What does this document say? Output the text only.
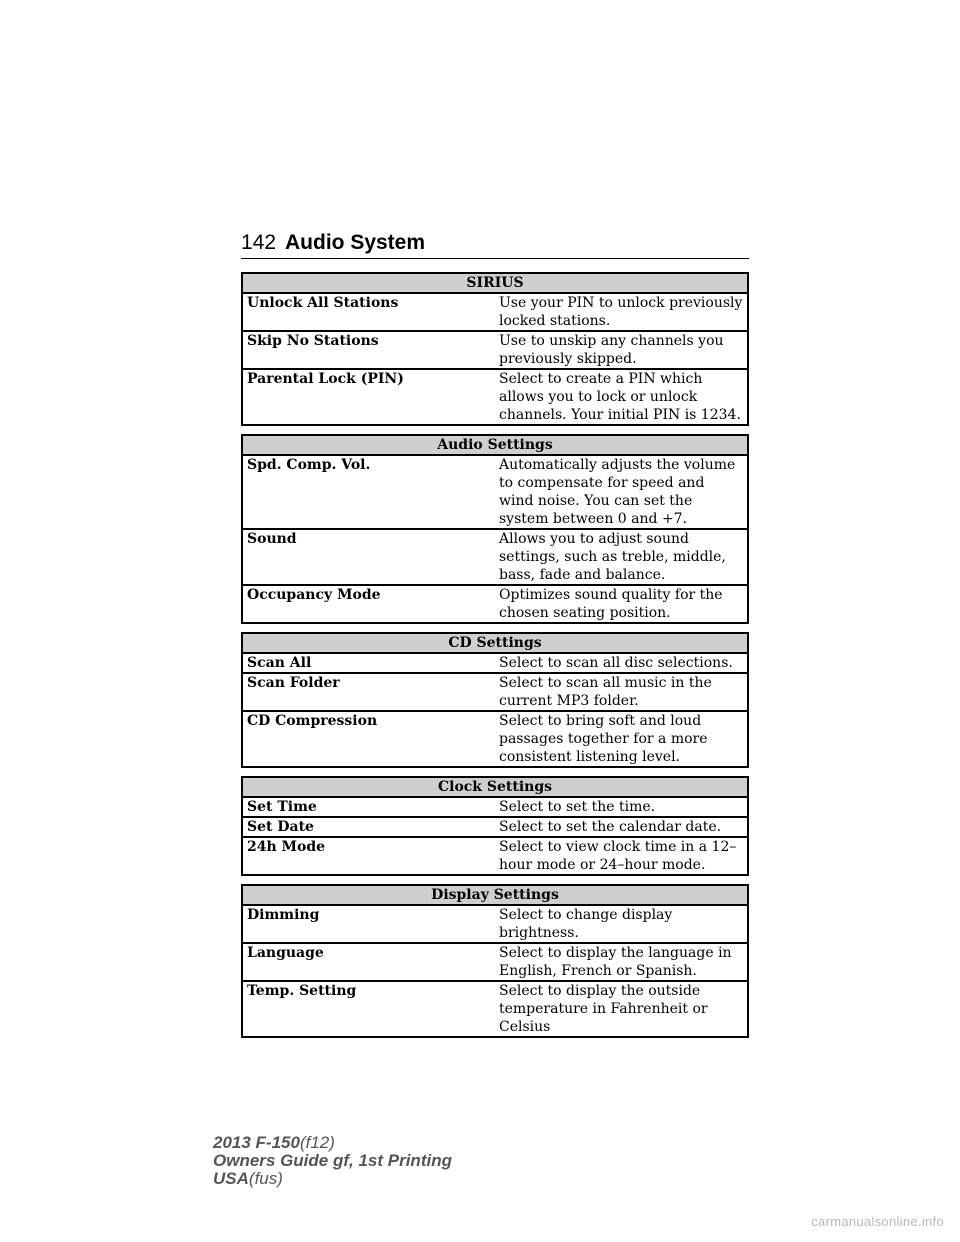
142 Audio System
SIRIUS	
Unlock All Stations	Use your PIN to unlock previously locked stations.
Skip No Stations	Use to unskip any channels you previously skipped.
Parental Lock (PIN)	Select to create a PIN which allows you to lock or unlock channels. Your initial PIN is 1234.
Audio Settings	
Spd. Comp. Vol.	Automatically adjusts the volume to compensate for speed and wind noise. You can set the system between 0 and +7.
Sound	Allows you to adjust sound settings, such as treble, middle, bass, fade and balance.
Occupancy Mode	Optimizes sound quality for the chosen seating position.
CD Settings	
Scan All	Select to scan all disc selections.
Scan Folder	Select to scan all music in the current MP3 folder.
CD Compression	Select to bring soft and loud passages together for a more consistent listening level.
Clock Settings	
Set Time	Select to set the time.
Set Date	Select to set the calendar date.
24h Mode	Select to view clock time in a 12–hour mode or 24–hour mode.
Display Settings	
Dimming	Select to change display brightness.
Language	Select to display the language in English, French or Spanish.
Temp. Setting	Select to display the outside temperature in Fahrenheit or Celsius
2013 F-150(f12)
Owners Guide gf, 1st Printing
USA(fus)
carmanualsonline.info
